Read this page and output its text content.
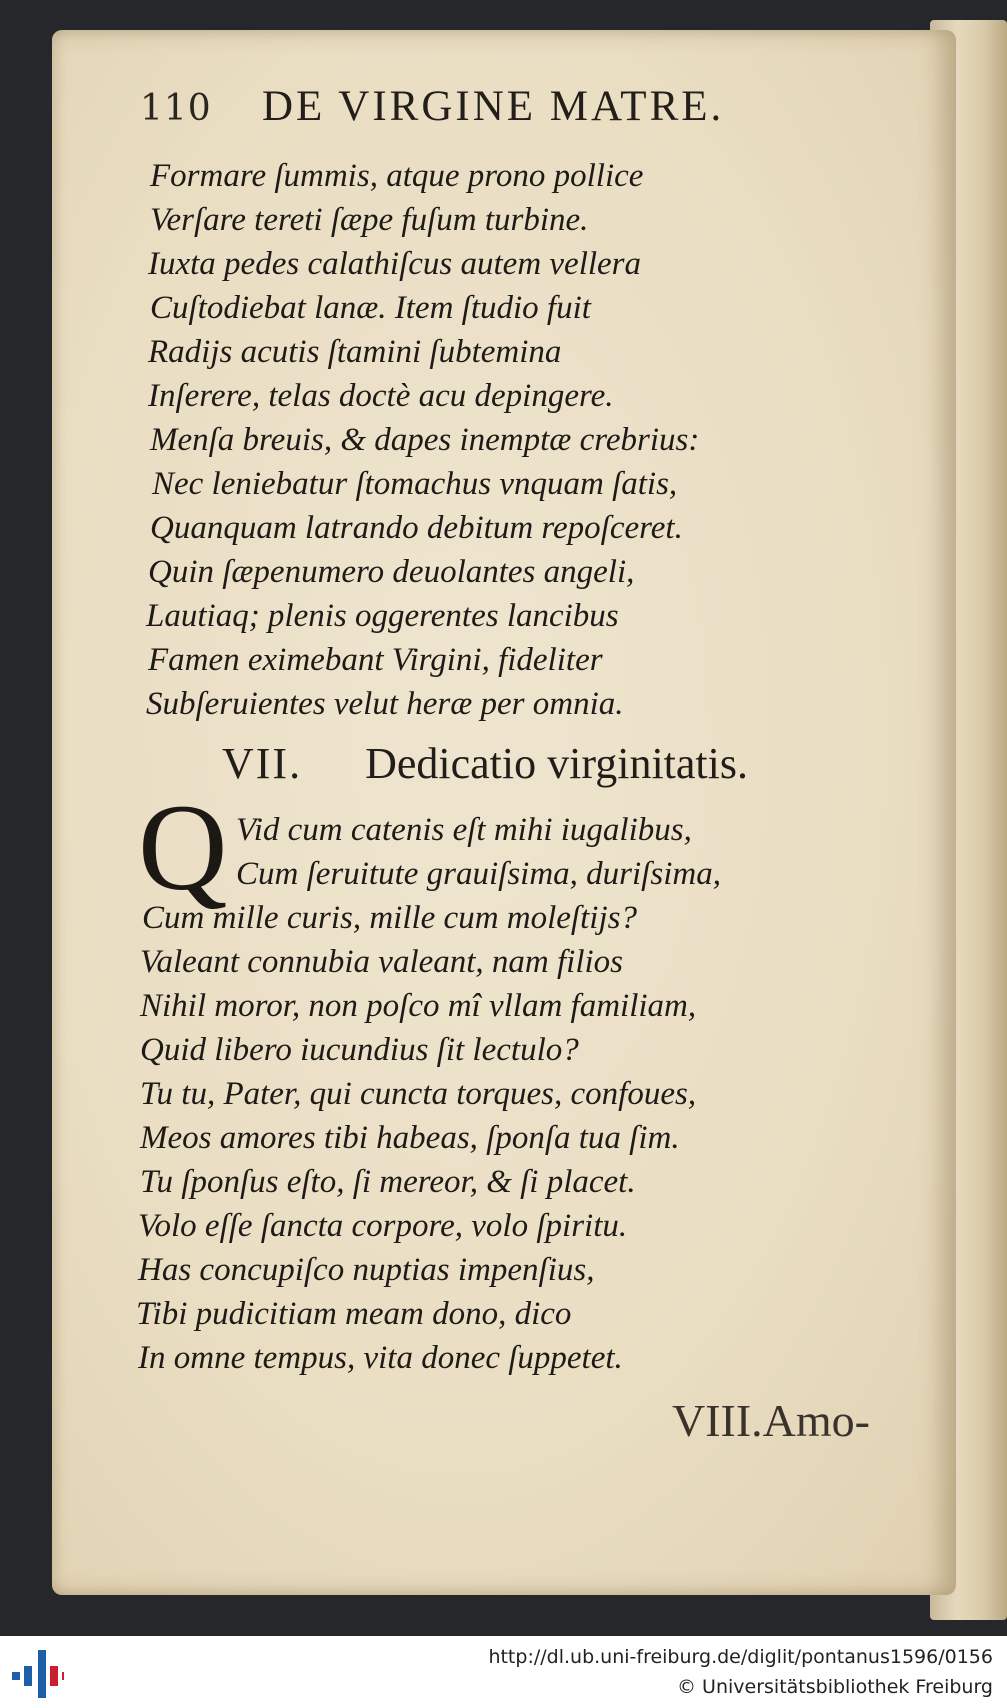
110 DE VIRGINE MATRE.
Formare ſummis, atque prono pollice
Verſare tereti ſæpe fuſum turbine.
Iuxta pedes calathiſcus autem vellera
Cuſtodiebat lanæ. Item ſtudio fuit
Radijs acutis ſtamini ſubtemina
Inſerere, telas doctè acu depingere.
Menſa breuis, & dapes inemptæ crebrius:
Nec leniebatur ſtomachus vnquam ſatis,
Quanquam latrando debitum repoſceret.
Quin ſæpenumero deuolantes angeli,
Lautiaq; plenis oggerentes lancibus
Famen eximebant Virgini, fideliter
Subſeruientes velut heræ per omnia.
VII. Dedicatio virginitatis.
Q Vid cum catenis eſt mihi iugalibus,
Cum ſeruitute grauiſsima, duriſsima,
Cum mille curis, mille cum moleſtijs?
Valeant connubia valeant, nam filios
Nihil moror, non poſco mî vllam familiam,
Quid libero iucundius ſit lectulo?
Tu tu, Pater, qui cuncta torques, confoues,
Meos amores tibi habeas, ſponſa tua ſim.
Tu ſponſus eſto, ſi mereor, & ſi placet.
Volo eſſe ſancta corpore, volo ſpiritu.
Has concupiſco nuptias impenſius,
Tibi pudicitiam meam dono, dico
In omne tempus, vita donec ſuppetet.
VIII.Amo-
http://dl.ub.uni-freiburg.de/diglit/pontanus1596/0156
© Universitätsbibliothek Freiburg
